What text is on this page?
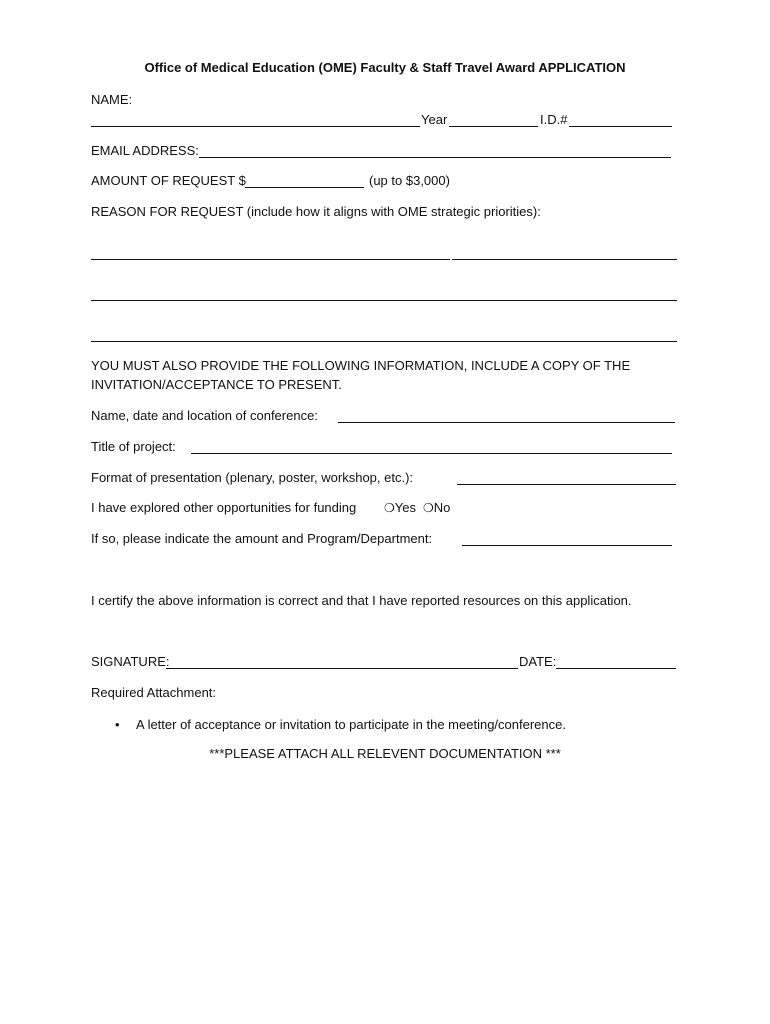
Office of Medical Education (OME) Faculty & Staff Travel Award APPLICATION
NAME:
Year	I.D.#
EMAIL ADDRESS:
AMOUNT OF REQUEST $	(up to $3,000)
REASON FOR REQUEST (include how it aligns with OME strategic priorities):
YOU MUST ALSO PROVIDE THE FOLLOWING INFORMATION, INCLUDE A COPY OF THE
INVITATION/ACCEPTANCE TO PRESENT.
Name, date and location of conference:
Title of project:
Format of presentation (plenary, poster, workshop, etc.):
I have explored other opportunities for funding ❍Yes ❍No
If so, please indicate the amount and Program/Department:
I certify the above information is correct and that I have reported resources on this application.
SIGNATURE:	DATE:
Required Attachment:
• A letter of acceptance or invitation to participate in the meeting/conference.
***PLEASE ATTACH ALL RELEVENT DOCUMENTATION ***
